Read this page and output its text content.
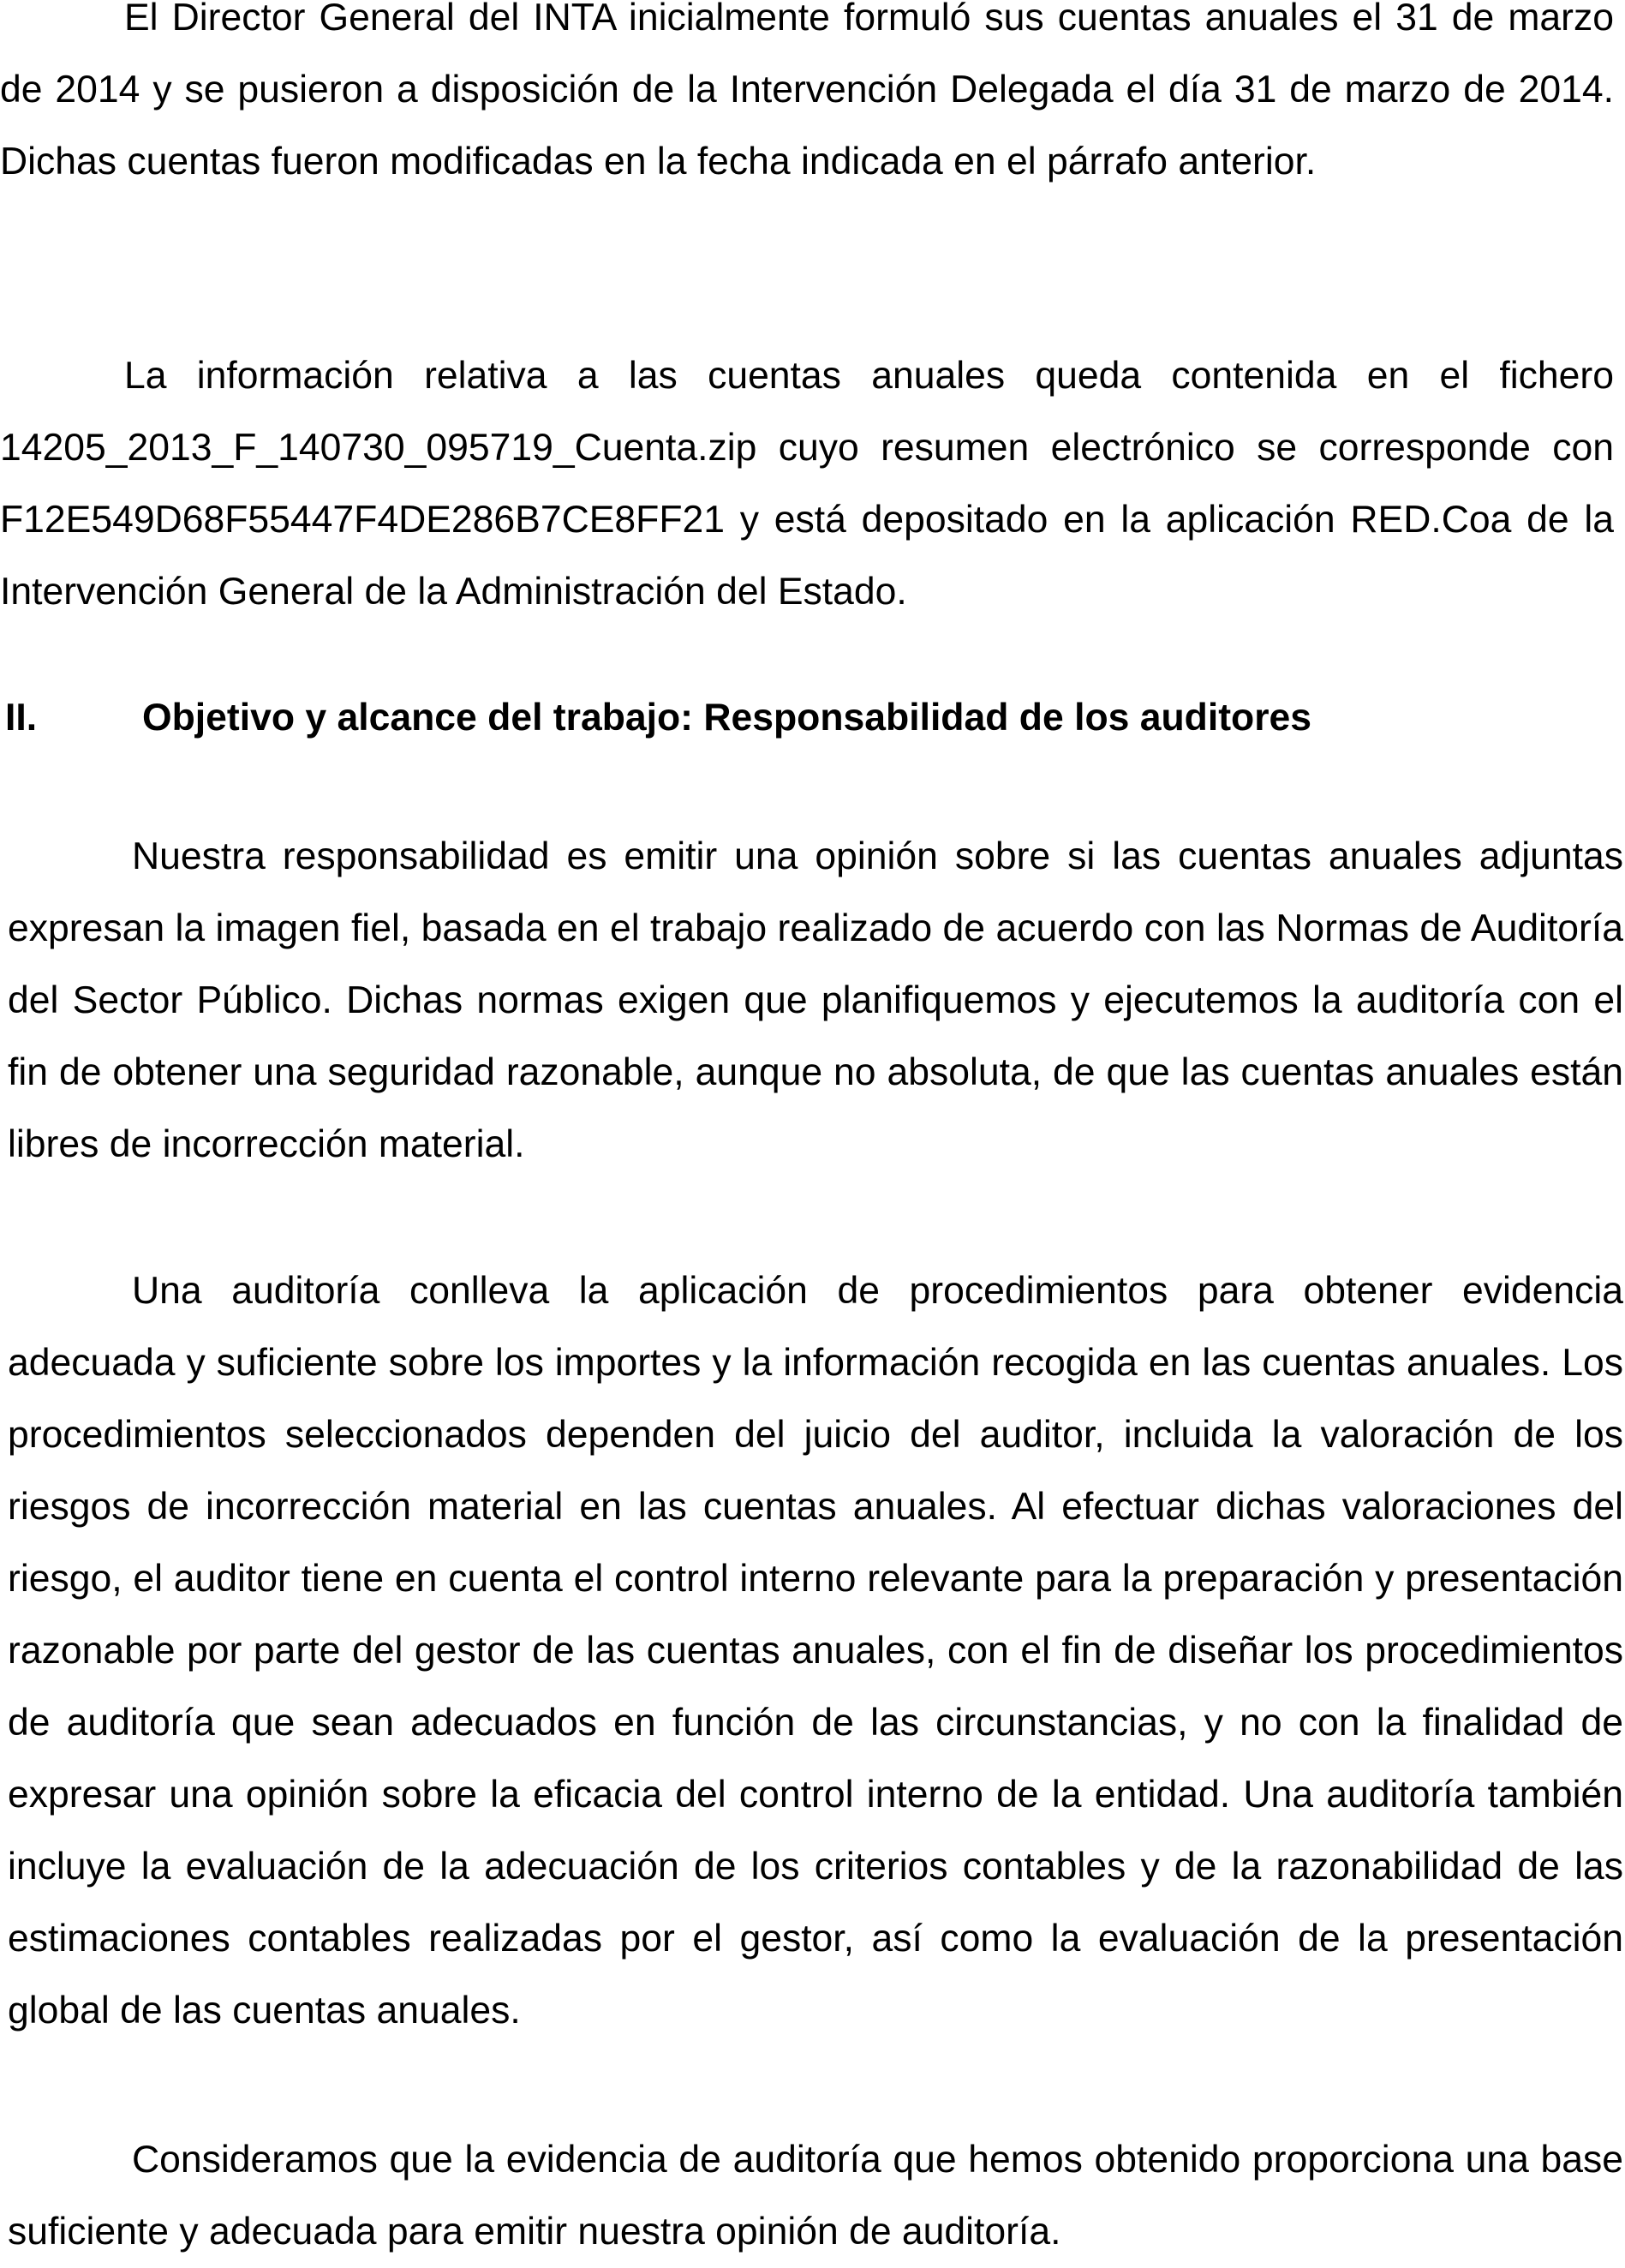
El Director General del INTA inicialmente formuló sus cuentas anuales el 31 de marzo de 2014 y se pusieron a disposición de la Intervención Delegada el día 31 de marzo de 2014. Dichas cuentas fueron modificadas en la fecha indicada en el párrafo anterior.

La información relativa a las cuentas anuales queda contenida en el fichero 14205_2013_F_140730_095719_Cuenta.zip cuyo resumen electrónico se corresponde con F12E549D68F55447F4DE286B7CE8FF21 y está depositado en la aplicación RED.Coa de la Intervención General de la Administración del Estado.

II.	Objetivo y alcance del trabajo: Responsabilidad de los auditores

Nuestra responsabilidad es emitir una opinión sobre si las cuentas anuales adjuntas expresan la imagen fiel, basada en el trabajo realizado de acuerdo con las Normas de Auditoría del Sector Público. Dichas normas exigen que planifiquemos y ejecutemos la auditoría con el fin de obtener una seguridad razonable, aunque no absoluta, de que las cuentas anuales están libres de incorrección material.

Una auditoría conlleva la aplicación de procedimientos para obtener evidencia adecuada y suficiente sobre los importes y la información recogida en las cuentas anuales. Los procedimientos seleccionados dependen del juicio del auditor, incluida la valoración de los riesgos de incorrección material en las cuentas anuales. Al efectuar dichas valoraciones del riesgo, el auditor tiene en cuenta el control interno relevante para la preparación y presentación razonable por parte del gestor de las cuentas anuales, con el fin de diseñar los procedimientos de auditoría que sean adecuados en función de las circunstancias, y no con la finalidad de expresar una opinión sobre la eficacia del control interno de la entidad. Una auditoría también incluye la evaluación de la adecuación de los criterios contables y de la razonabilidad de las estimaciones contables realizadas por el gestor, así como la evaluación de la presentación global de las cuentas anuales.

Consideramos que la evidencia de auditoría que hemos obtenido proporciona una base suficiente y adecuada para emitir nuestra opinión de auditoría.
